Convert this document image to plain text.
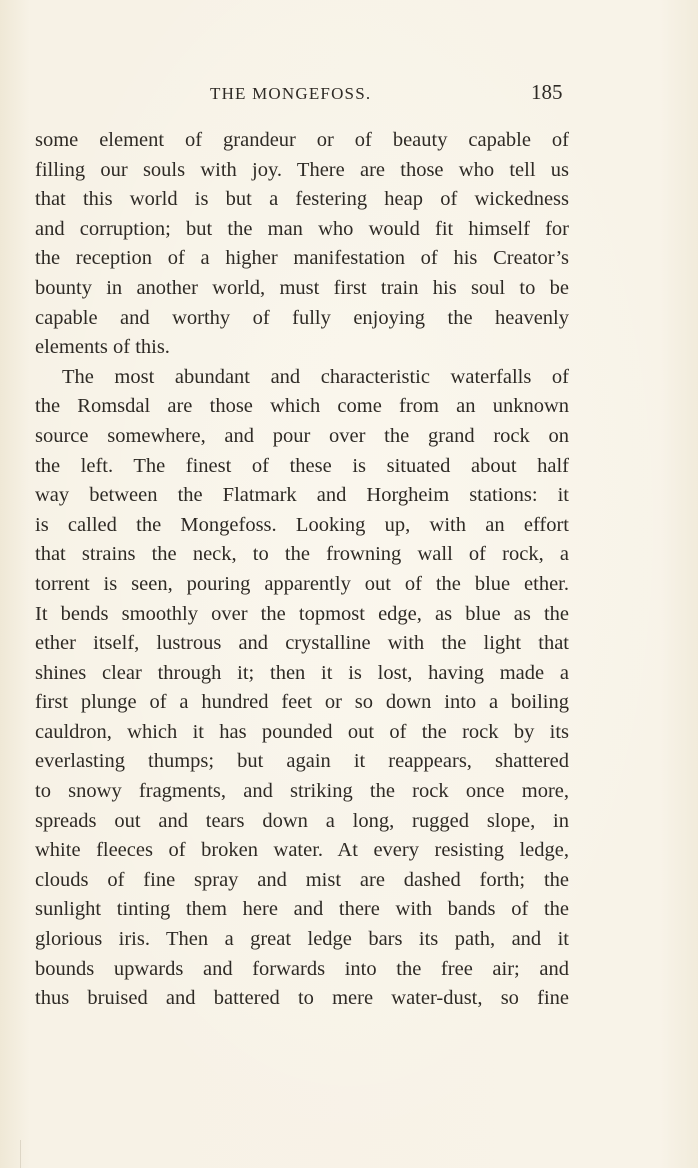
THE MONGEFOSS.	185
some element of grandeur or of beauty capable of
filling our souls with joy. There are those who tell us
that this world is but a festering heap of wickedness
and corruption; but the man who would fit himself for
the reception of a higher manifestation of his Creator’s
bounty in another world, must first train his soul to be
capable and worthy of fully enjoying the heavenly
elements of this.
The most abundant and characteristic waterfalls of
the Romsdal are those which come from an unknown
source somewhere, and pour over the grand rock on
the left. The finest of these is situated about half
way between the Flatmark and Horgheim stations: it
is called the Mongefoss. Looking up, with an effort
that strains the neck, to the frowning wall of rock, a
torrent is seen, pouring apparently out of the blue ether.
It bends smoothly over the topmost edge, as blue as the
ether itself, lustrous and crystalline with the light that
shines clear through it; then it is lost, having made a
first plunge of a hundred feet or so down into a boiling
cauldron, which it has pounded out of the rock by its
everlasting thumps; but again it reappears, shattered
to snowy fragments, and striking the rock once more,
spreads out and tears down a long, rugged slope, in
white fleeces of broken water. At every resisting ledge,
clouds of fine spray and mist are dashed forth; the
sunlight tinting them here and there with bands of the
glorious iris. Then a great ledge bars its path, and it
bounds upwards and forwards into the free air; and
thus bruised and battered to mere water-dust, so fine
